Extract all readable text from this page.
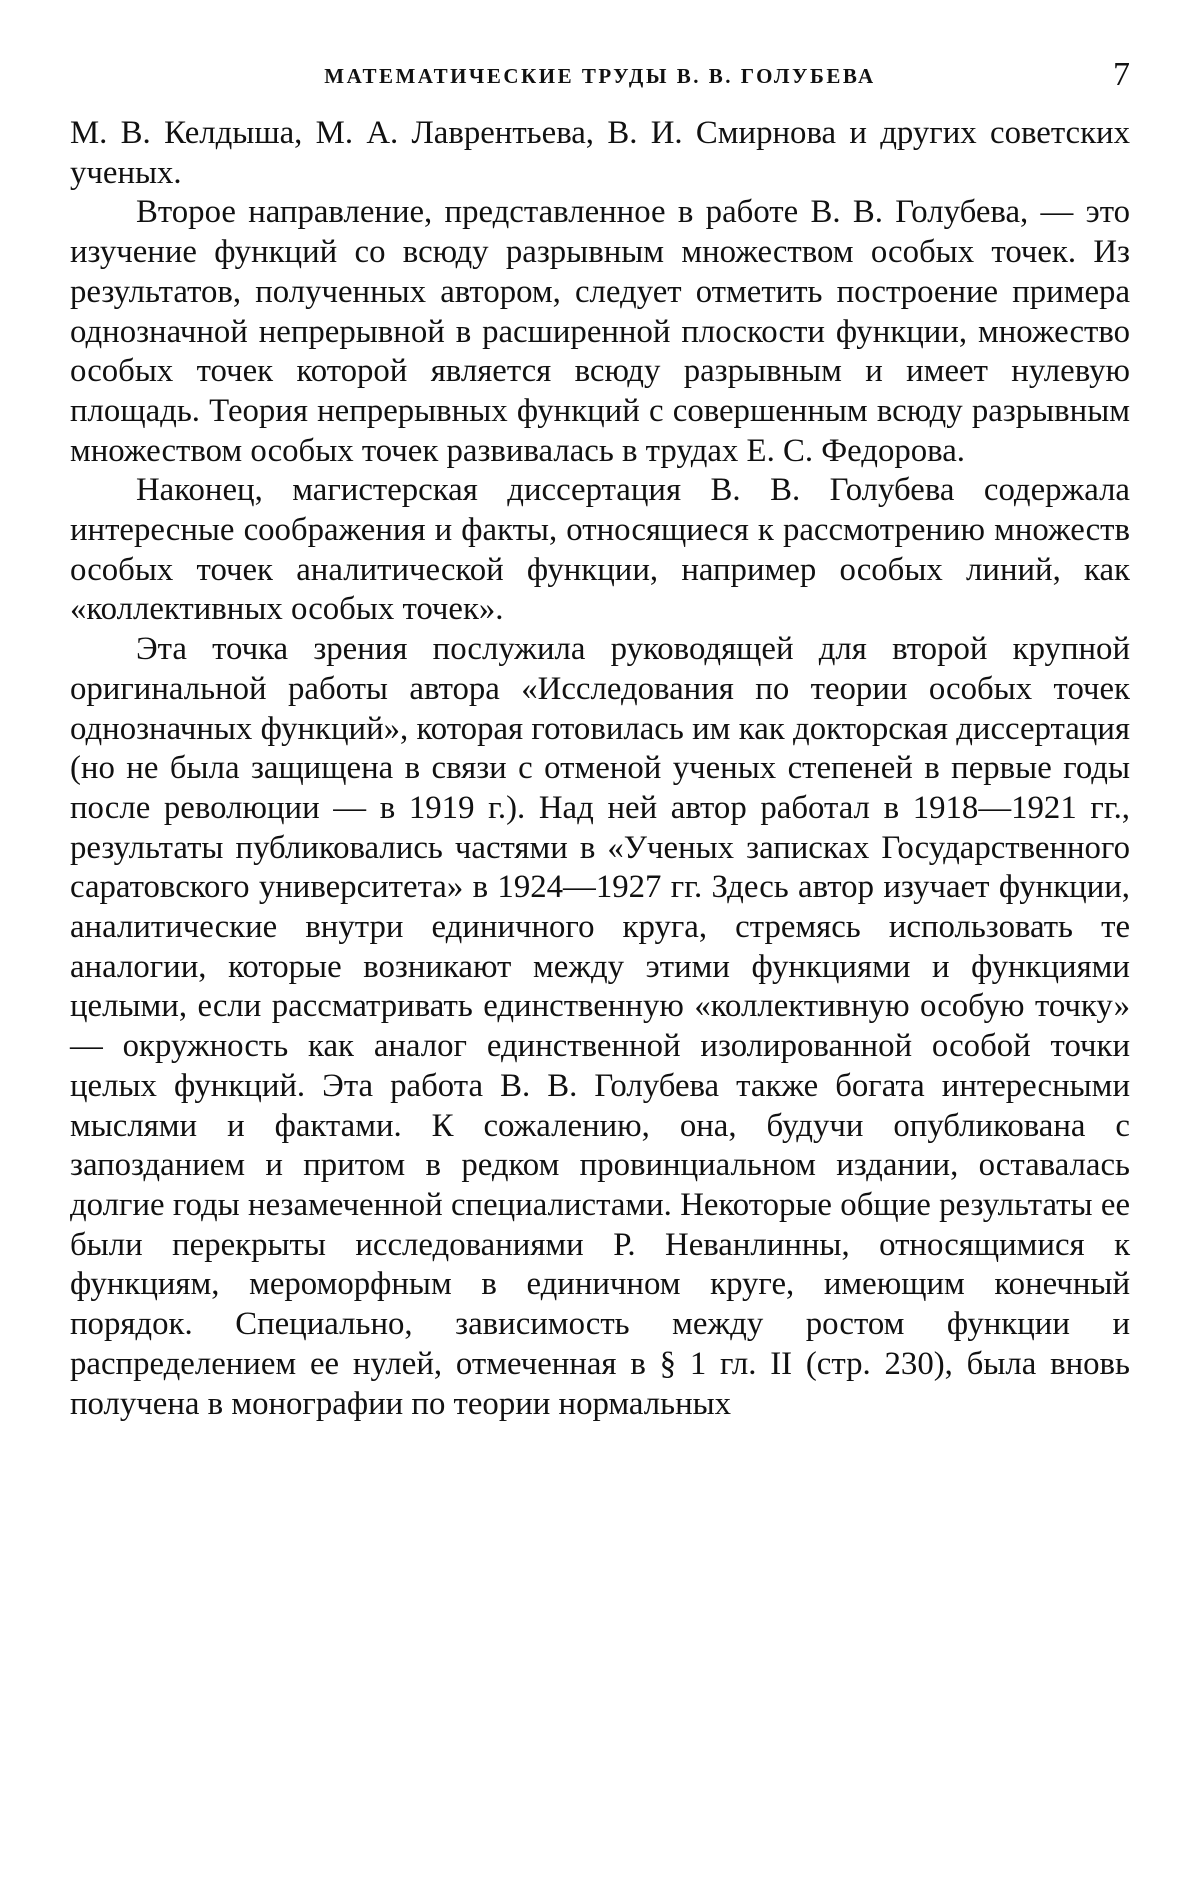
МАТЕМАТИЧЕСКИЕ ТРУДЫ В. В. ГОЛУБЕВА	7

М. В. Келдыша, М. А. Лаврентьева, В. И. Смирнова и других советских ученых.

Второе направление, представленное в работе В. В. Голубева, — это изучение функций со всюду разрывным множеством особых точек. Из результатов, полученных автором, следует отметить построение примера однозначной непрерывной в расширенной плоскости функции, множество особых точек которой является всюду разрывным и имеет нулевую площадь. Теория непрерывных функций с совершенным всюду разрывным множеством особых точек развивалась в трудах Е. С. Федорова.

Наконец, магистерская диссертация В. В. Голубева содержала интересные соображения и факты, относящиеся к рассмотрению множеств особых точек аналитической функции, например особых линий, как «коллективных особых точек».

Эта точка зрения послужила руководящей для второй крупной оригинальной работы автора «Исследования по теории особых точек однозначных функций», которая готовилась им как докторская диссертация (но не была защищена в связи с отменой ученых степеней в первые годы после революции — в 1919 г.). Над ней автор работал в 1918—1921 гг., результаты публиковались частями в «Ученых записках Государственного саратовского университета» в 1924—1927 гг. Здесь автор изучает функции, аналитические внутри единичного круга, стремясь использовать те аналогии, которые возникают между этими функциями и функциями целыми, если рассматривать единственную «коллективную особую точку» — окружность как аналог единственной изолированной особой точки целых функций. Эта работа В. В. Голубева также богата интересными мыслями и фактами. К сожалению, она, будучи опубликована с запозданием и притом в редком провинциальном издании, оставалась долгие годы незамеченной специалистами. Некоторые общие результаты ее были перекрыты исследованиями Р. Неванлинны, относящимися к функциям, мероморфным в единичном круге, имеющим конечный порядок. Специально, зависимость между ростом функции и распределением ее нулей, отмеченная в § 1 гл. II (стр. 230), была вновь получена в монографии по теории нормальных
